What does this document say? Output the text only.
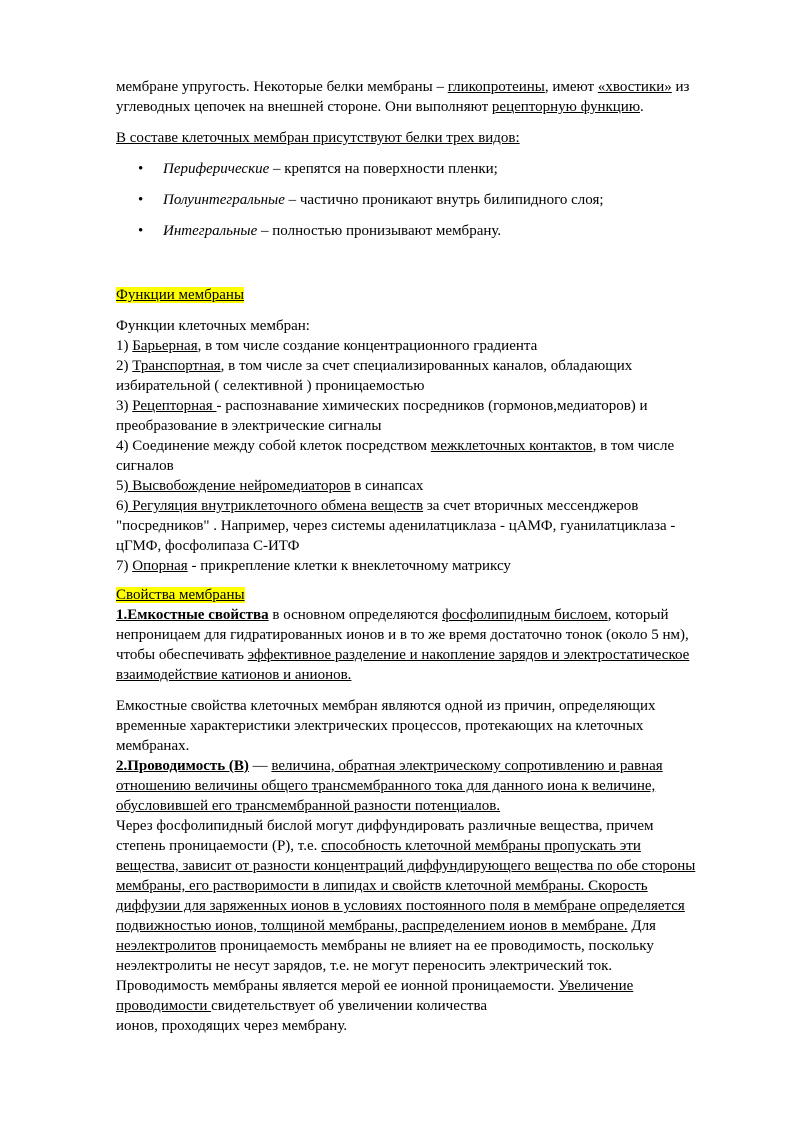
мембране упругость. Некоторые белки мембраны – гликопротеины, имеют «хвостики» из
углеводных цепочек на внешней стороне. Они выполняют рецепторную функцию.
В составе клеточных мембран присутствуют белки трех видов:
• Периферические – крепятся на поверхности пленки;
• Полуинтегральные – частично проникают внутрь билипидного слоя;
• Интегральные – полностью пронизывают мембрану.
Функции мембраны
Функции клеточных мембран:
1) Барьерная, в том числе создание концентрационного градиента
2) Транспортная, в том числе за счет специализированных каналов, обладающих
избирательной ( селективной ) проницаемостью
3) Рецепторная - распознавание химических посредников (гормонов,медиаторов) и
преобразование в электрические сигналы
4) Соединение между собой клеток посредством межклеточных контактов, в том числе
сигналов
5) Высвобождение нейромедиаторов в синапсах
6) Регуляция внутриклеточного обмена веществ за счет вторичных мессенджеров
"посредников" . Например, через системы аденилатциклаза - цАМФ, гуанилатциклаза -
цГМФ, фосфолипаза С-ИТФ
7) Опорная - прикрепление клетки к внеклеточному матриксу
Свойства мембраны
1.Емкостные свойства в основном определяются фосфолипидным бислоем, который
непроницаем для гидратированных ионов и в то же время достаточно тонок (около 5 нм),
чтобы обеспечивать эффективное разделение и накопление зарядов и электростатическое
взаимодействие катионов и анионов.
Емкостные свойства клеточных мембран являются одной из причин, определяющих
временные характеристики электрических процессов, протекающих на клеточных
мембранах.
2.Проводимость (В) — величина, обратная электрическому сопротивлению и равная
отношению величины общего трансмембранного тока для данного иона к величине,
обусловившей его трансмембранной разности потенциалов.
Через фосфолипидный бислой могут диффундировать различные вещества, причем
степень проницаемости (Р), т.е. способность клеточной мембраны пропускать эти
вещества, зависит от разности концентраций диффундирующего вещества по обе стороны
мембраны, его растворимости в липидах и свойств клеточной мембраны. Скорость
диффузии для заряженных ионов в условиях постоянного поля в мембране определяется
подвижностью ионов, толщиной мембраны, распределением ионов в мембране. Для
неэлектролитов проницаемость мембраны не влияет на ее проводимость, поскольку
неэлектролиты не несут зарядов, т.е. не могут переносить электрический ток.
Проводимость мембраны является мерой ее ионной проницаемости. Увеличение
проводимости свидетельствует об увеличении количества
ионов, проходящих через мембрану.
